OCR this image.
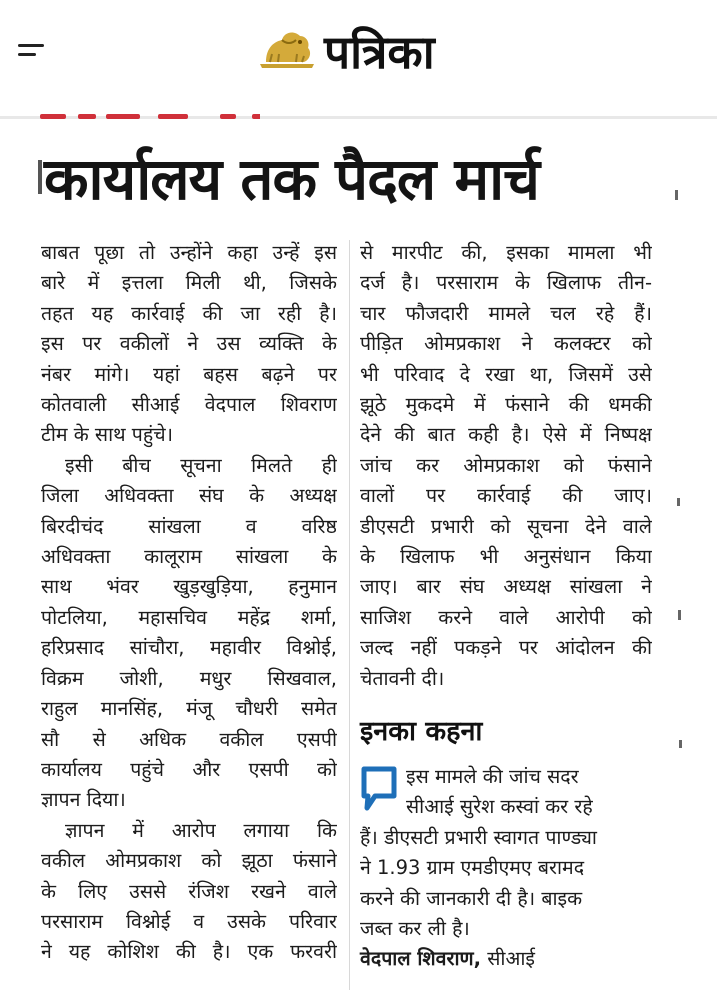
पत्रिका
कार्यालय तक पैदल मार्च

बाबत पूछा तो उन्होंने कहा उन्हें इस

बारे में इत्तला मिली थी, जिसके

तहत यह कार्रवाई की जा रही है।

इस पर वकीलों ने उस व्यक्ति के

नंबर मांगे। यहां बहस बढ़ने पर

कोतवाली सीआई वेदपाल शिवराण

टीम के साथ पहुंचे।

इसी बीच सूचना मिलते ही

जिला अधिवक्ता संघ के अध्यक्ष

बिरदीचंद सांखला व वरिष्ठ

अधिवक्ता कालूराम सांखला के

साथ भंवर खुड़खुड़िया, हनुमान

पोटलिया, महासचिव महेंद्र शर्मा,

हरिप्रसाद सांचौरा, महावीर विश्नोई,

विक्रम जोशी, मधुर सिखवाल,

राहुल मानसिंह, मंजू चौधरी समेत

सौ से अधिक वकील एसपी

कार्यालय पहुंचे और एसपी को

ज्ञापन दिया।

ज्ञापन में आरोप लगाया कि

वकील ओमप्रकाश को झूठा फंसाने

के लिए उससे रंजिश रखने वाले

परसाराम विश्नोई व उसके परिवार

ने यह कोशिश की है। एक फरवरी

से मारपीट की, इसका मामला भी

दर्ज है। परसाराम के खिलाफ तीन-

चार फौजदारी मामले चल रहे हैं।

पीड़ित ओमप्रकाश ने कलक्टर को

भी परिवाद दे रखा था, जिसमें उसे

झूठे मुकदमे में फंसाने की धमकी

देने की बात कही है। ऐसे में निष्पक्ष

जांच कर ओमप्रकाश को फंसाने

वालों पर कार्रवाई की जाए।

डीएसटी प्रभारी को सूचना देने वाले

के खिलाफ भी अनुसंधान किया

जाए। बार संघ अध्यक्ष सांखला ने

साजिश करने वाले आरोपी को

जल्द नहीं पकड़ने पर आंदोलन की

चेतावनी दी।

इनका कहना

इस मामले की जांच सदर

सीआई सुरेश कस्वां कर रहे

हैं। डीएसटी प्रभारी स्वागत पाण्ड्या

ने 1.93 ग्राम एमडीएमए बरामद

करने की जानकारी दी है। बाइक

जब्त कर ली है।

वेदपाल शिवराण, सीआई
